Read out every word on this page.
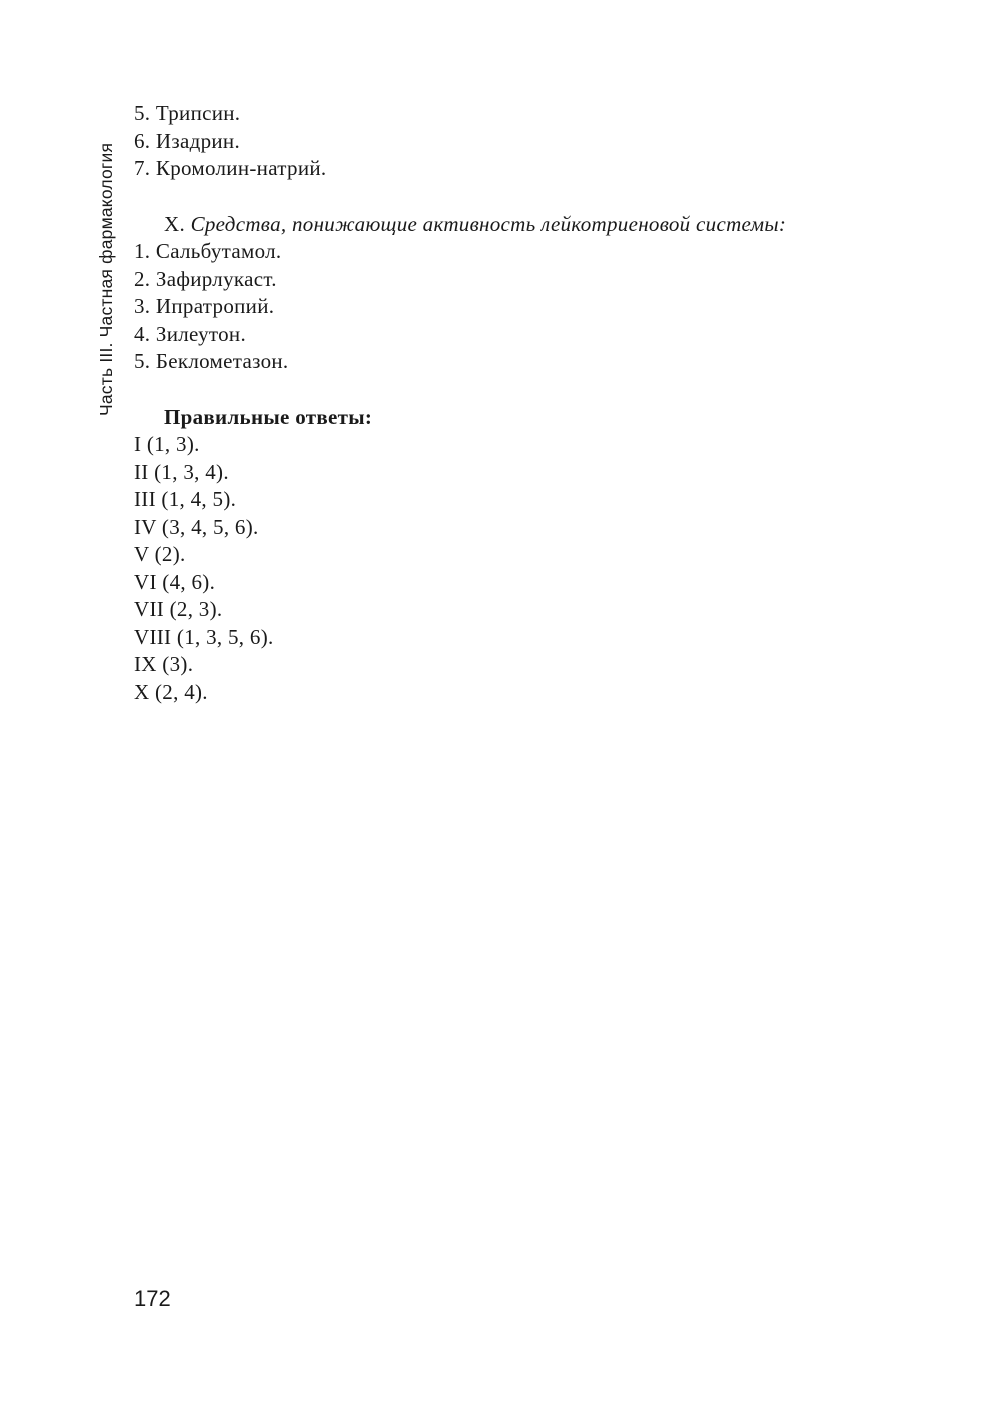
Часть III. Частная фармакология
5. Трипсин.
6. Изадрин.
7. Кромолин-натрий.
X. Средства, понижающие активность лейкотриеновой системы:
1. Сальбутамол.
2. Зафирлукаст.
3. Ипратропий.
4. Зилеутон.
5. Беклометазон.
Правильные ответы:
I (1, 3).
II (1, 3, 4).
III (1, 4, 5).
IV (3, 4, 5, 6).
V (2).
VI (4, 6).
VII (2, 3).
VIII (1, 3, 5, 6).
IX (3).
X (2, 4).
172
